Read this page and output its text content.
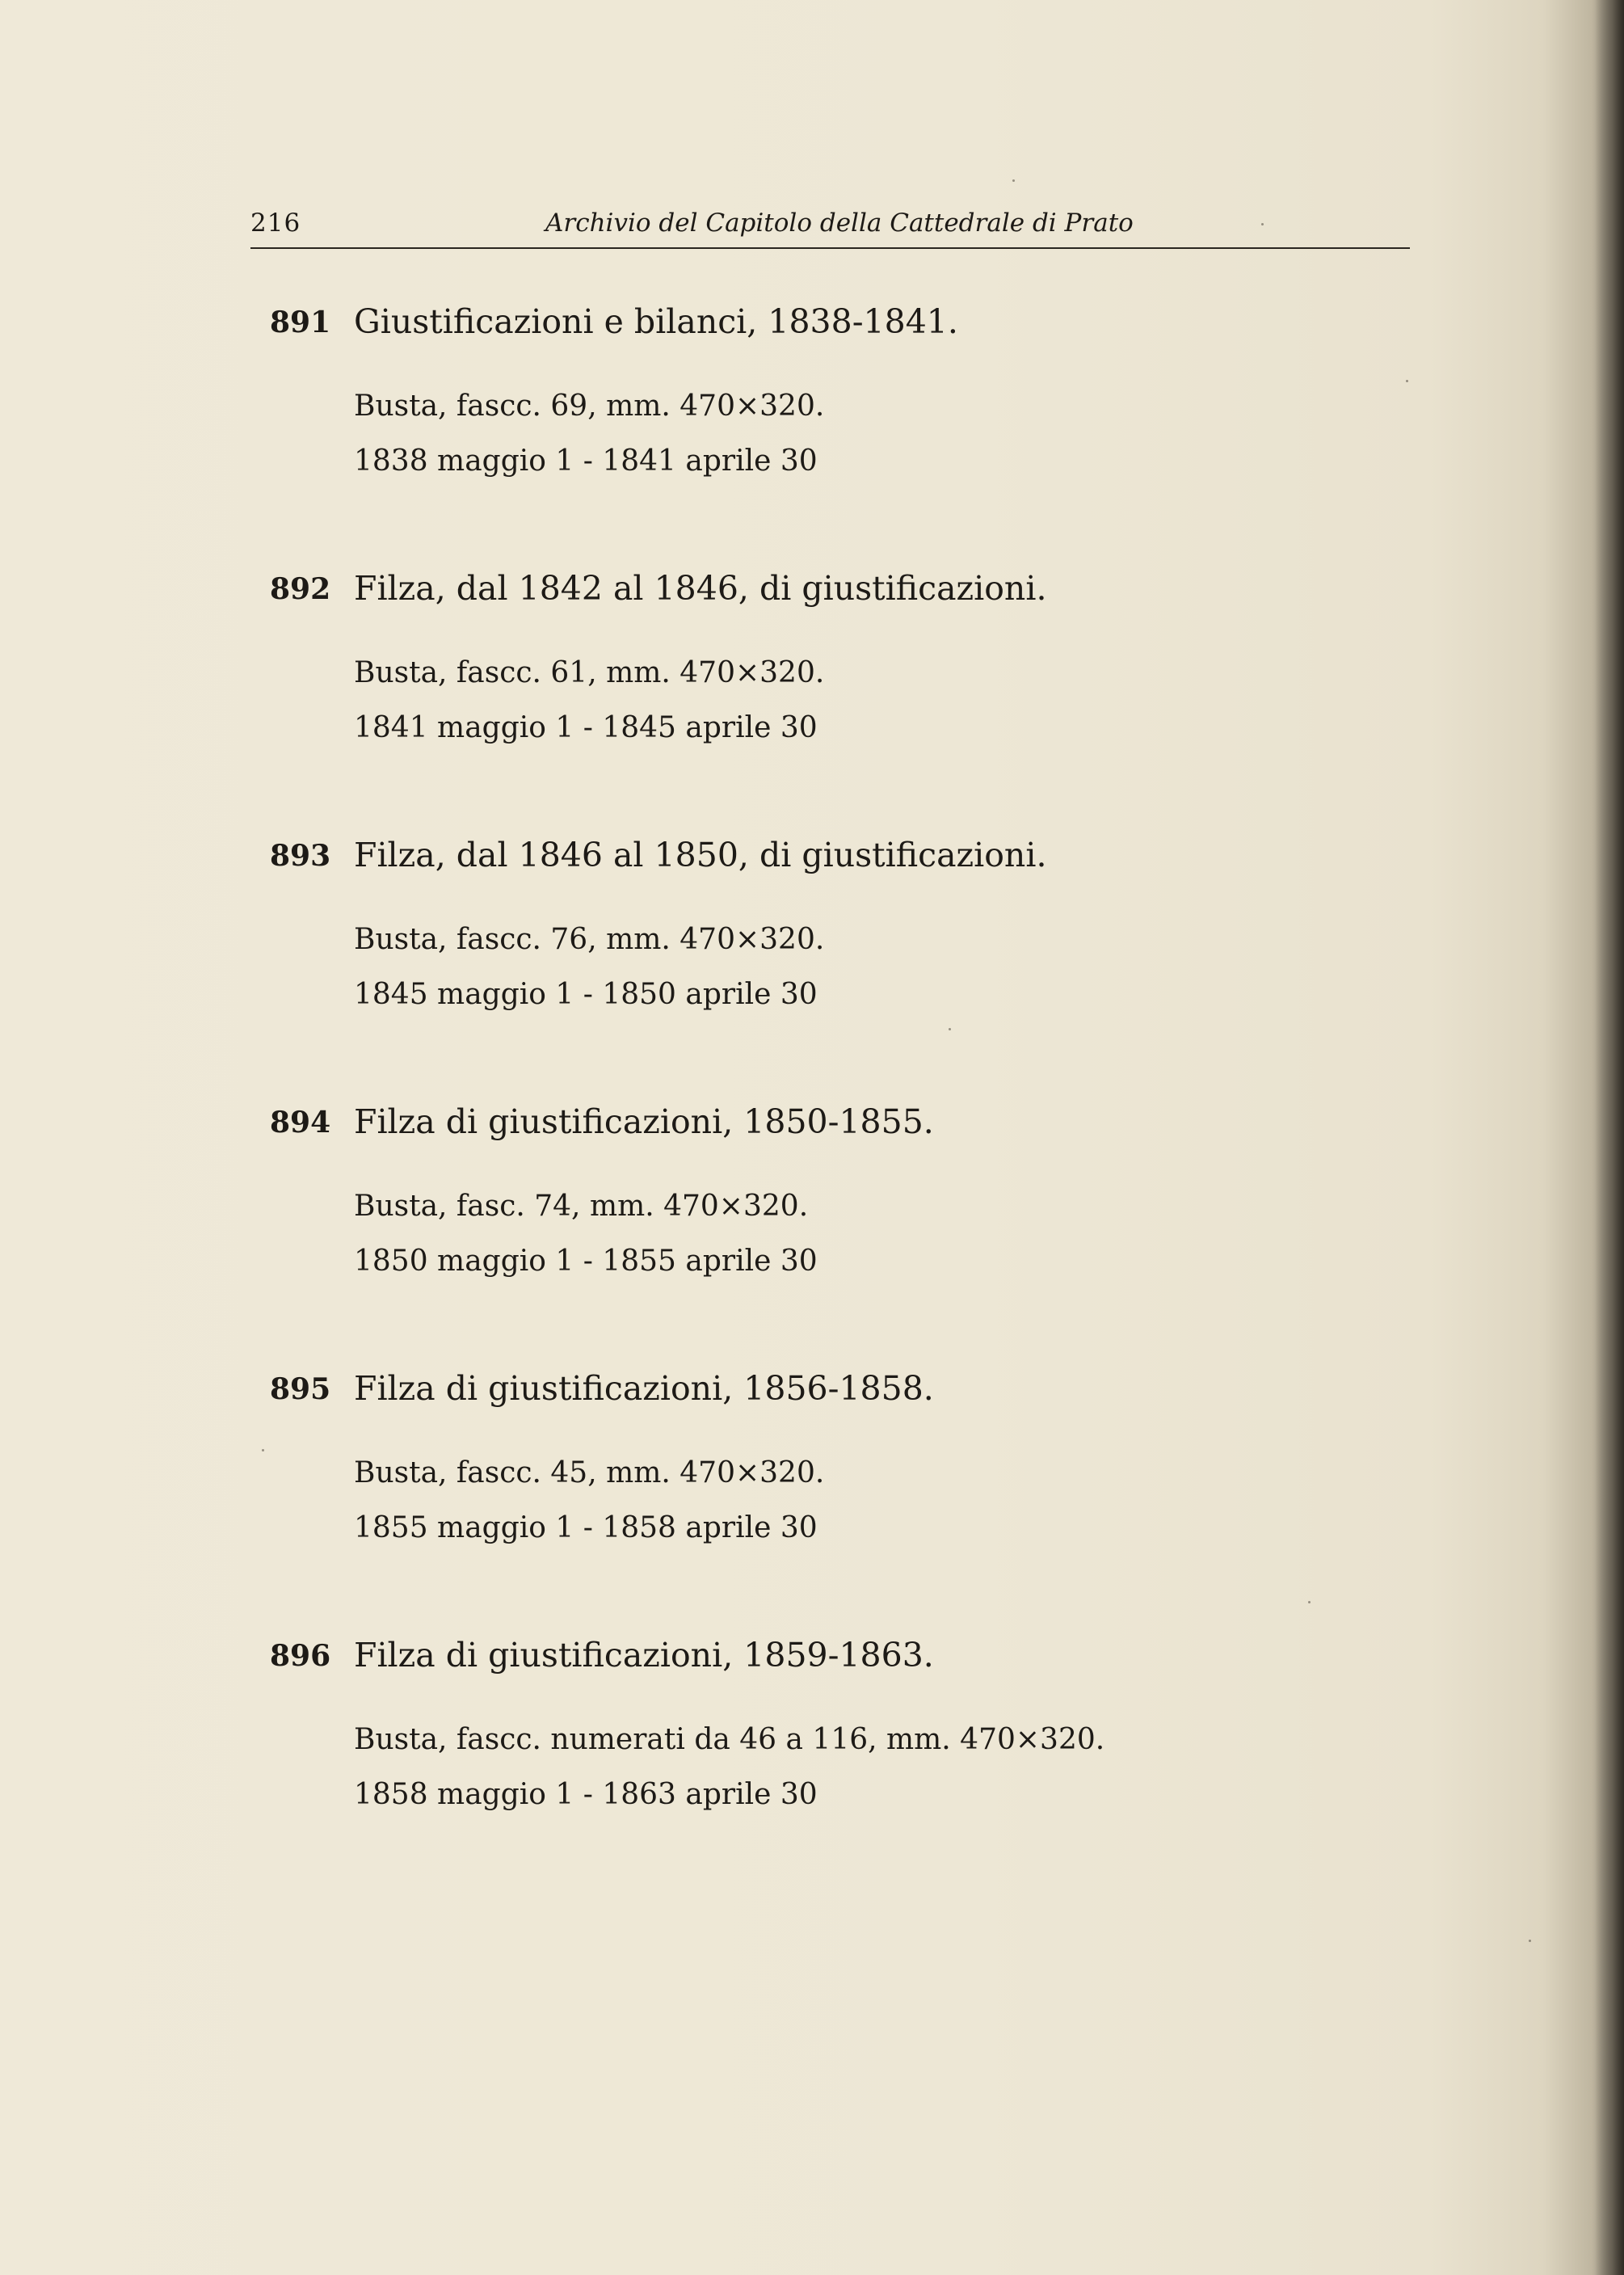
216	Archivio del Capitolo della Cattedrale di Prato
891 Giustificazioni e bilanci, 1838-1841.
Busta, fascc. 69, mm. 470×320.
1838 maggio 1 - 1841 aprile 30
892 Filza, dal 1842 al 1846, di giustificazioni.
Busta, fascc. 61, mm. 470×320.
1841 maggio 1 - 1845 aprile 30
893 Filza, dal 1846 al 1850, di giustificazioni.
Busta, fascc. 76, mm. 470×320.
1845 maggio 1 - 1850 aprile 30
894 Filza di giustificazioni, 1850-1855.
Busta, fasc. 74, mm. 470×320.
1850 maggio 1 - 1855 aprile 30
895 Filza di giustificazioni, 1856-1858.
Busta, fascc. 45, mm. 470×320.
1855 maggio 1 - 1858 aprile 30
896 Filza di giustificazioni, 1859-1863.
Busta, fascc. numerati da 46 a 116, mm. 470×320.
1858 maggio 1 - 1863 aprile 30
